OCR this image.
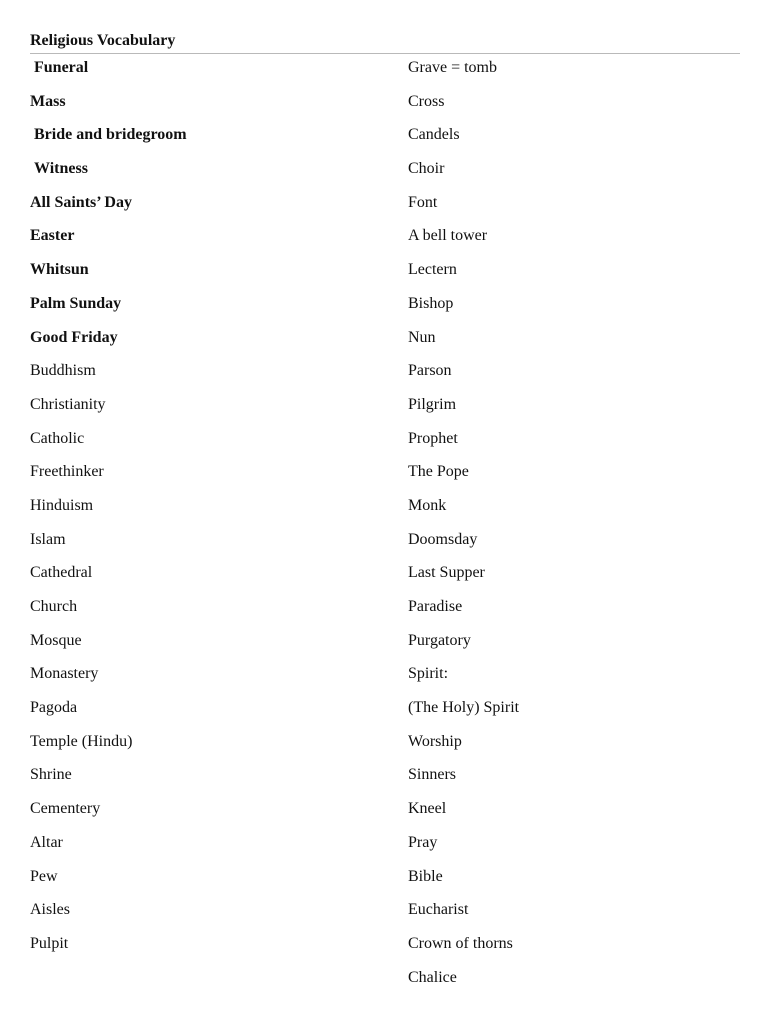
Religious Vocabulary
Funeral
Mass
Bride and bridegroom
Witness
All Saints’ Day
Easter
Whitsun
Palm Sunday
Good Friday
Buddhism
Christianity
Catholic
Freethinker
Hinduism
Islam
Cathedral
Church
Mosque
Monastery
Pagoda
Temple (Hindu)
Shrine
Cementery
Altar
Pew
Aisles
Pulpit
Grave = tomb
Cross
Candels
Choir
Font
A bell tower
Lectern
Bishop
Nun
Parson
Pilgrim
Prophet
The Pope
Monk
Doomsday
Last Supper
Paradise
Purgatory
Spirit:
(The Holy) Spirit
Worship
Sinners
Kneel
Pray
Bible
Eucharist
Crown of thorns
Chalice
